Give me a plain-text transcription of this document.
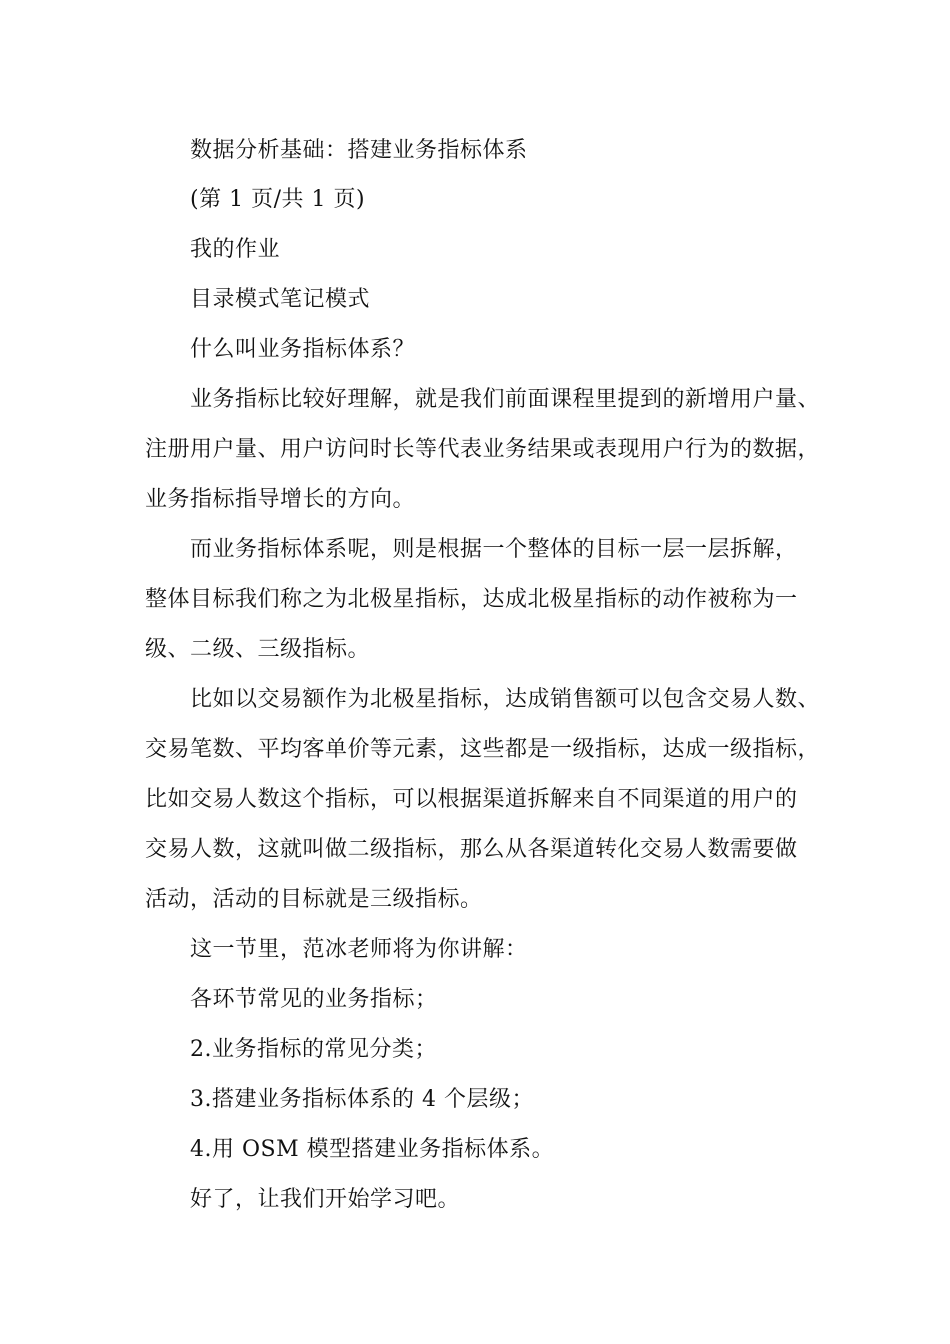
数据分析基础：搭建业务指标体系
(第 1 页/共 1 页)
我的作业
目录模式笔记模式
什么叫业务指标体系？
业务指标比较好理解，就是我们前面课程里提到的新增用户量、
注册用户量、用户访问时长等代表业务结果或表现用户行为的数据，
业务指标指导增长的方向。
而业务指标体系呢，则是根据一个整体的目标一层一层拆解，
整体目标我们称之为北极星指标，达成北极星指标的动作被称为一
级、二级、三级指标。
比如以交易额作为北极星指标，达成销售额可以包含交易人数、
交易笔数、平均客单价等元素，这些都是一级指标，达成一级指标，
比如交易人数这个指标，可以根据渠道拆解来自不同渠道的用户的
交易人数，这就叫做二级指标，那么从各渠道转化交易人数需要做
活动，活动的目标就是三级指标。
这一节里，范冰老师将为你讲解：
各环节常见的业务指标；
2.业务指标的常见分类；
3.搭建业务指标体系的 4 个层级；
4.用 OSM 模型搭建业务指标体系。
好了，让我们开始学习吧。
